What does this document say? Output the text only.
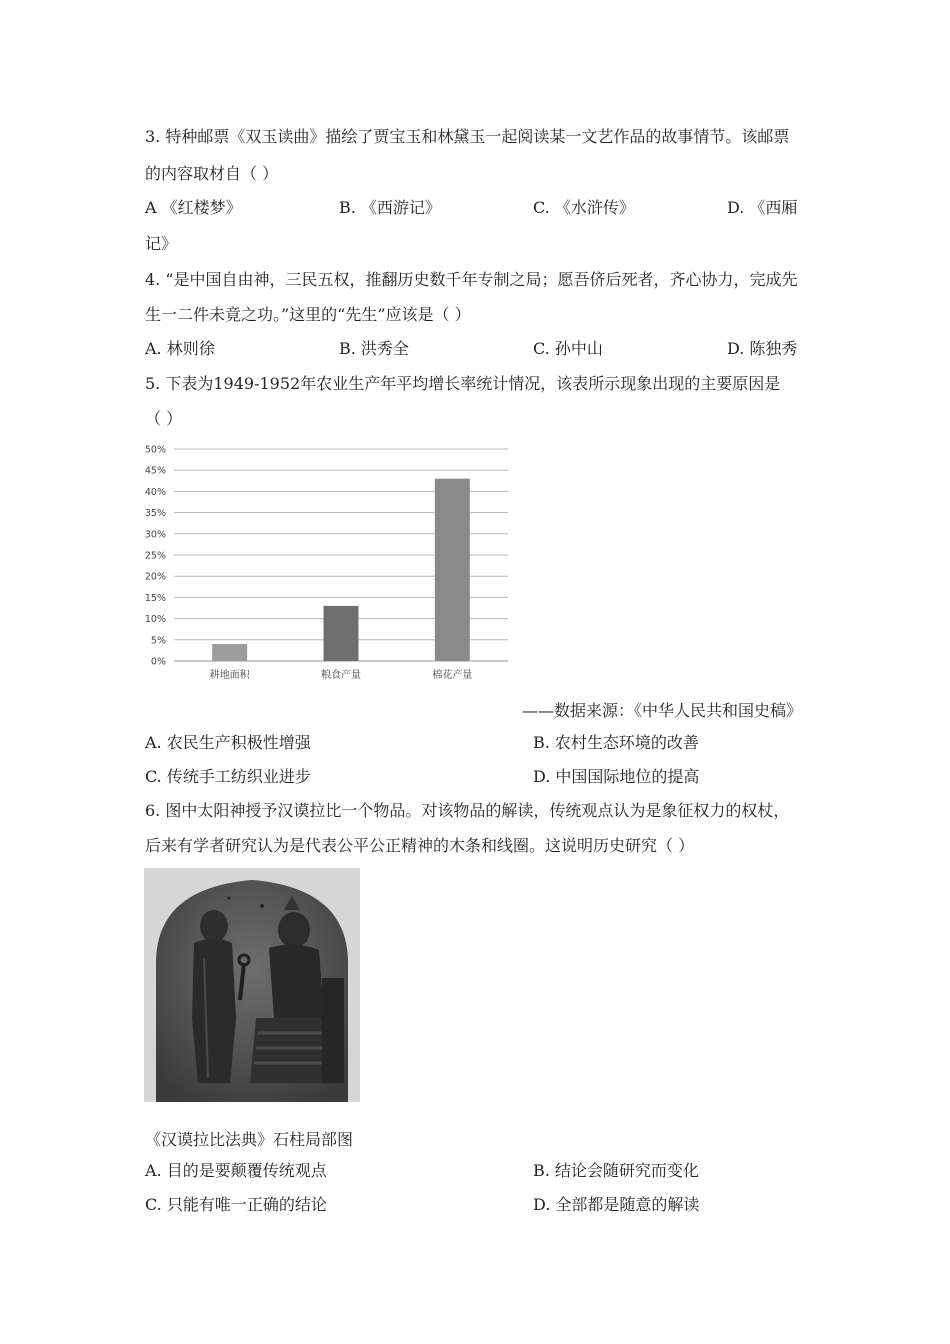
3. 特种邮票《双玉读曲》描绘了贾宝玉和林黛玉一起阅读某一文艺作品的故事情节。该邮票
的内容取材自（ ）
A 《红楼梦》	B. 《西游记》	C. 《水浒传》	D. 《西厢
记》
4. “是中国自由神，三民五权，推翻历史数千年专制之局；愿吾侪后死者，齐心协力，完成先
生一二件未竟之功。”这里的“先生”应该是（ ）
A. 林则徐	B. 洪秀全	C. 孙中山	D. 陈独秀
5. 下表为1949-1952年农业生产年平均增长率统计情况，该表所示现象出现的主要原因是
（ ）
0%
5%
10%
15%
20%
25%
30%
35%
40%
45%
50%
耕地面积	粮食产量	棉花产量
——数据来源：《中华人民共和国史稿》
A. 农民生产积极性增强	B. 农村生态环境的改善
C. 传统手工纺织业进步	D. 中国国际地位的提高
6. 图中太阳神授予汉谟拉比一个物品。对该物品的解读，传统观点认为是象征权力的权杖，
后来有学者研究认为是代表公平公正精神的木条和线圈。这说明历史研究（ ）
《汉谟拉比法典》石柱局部图
A. 目的是要颠覆传统观点	B. 结论会随研究而变化
C. 只能有唯一正确的结论	D. 全部都是随意的解读
